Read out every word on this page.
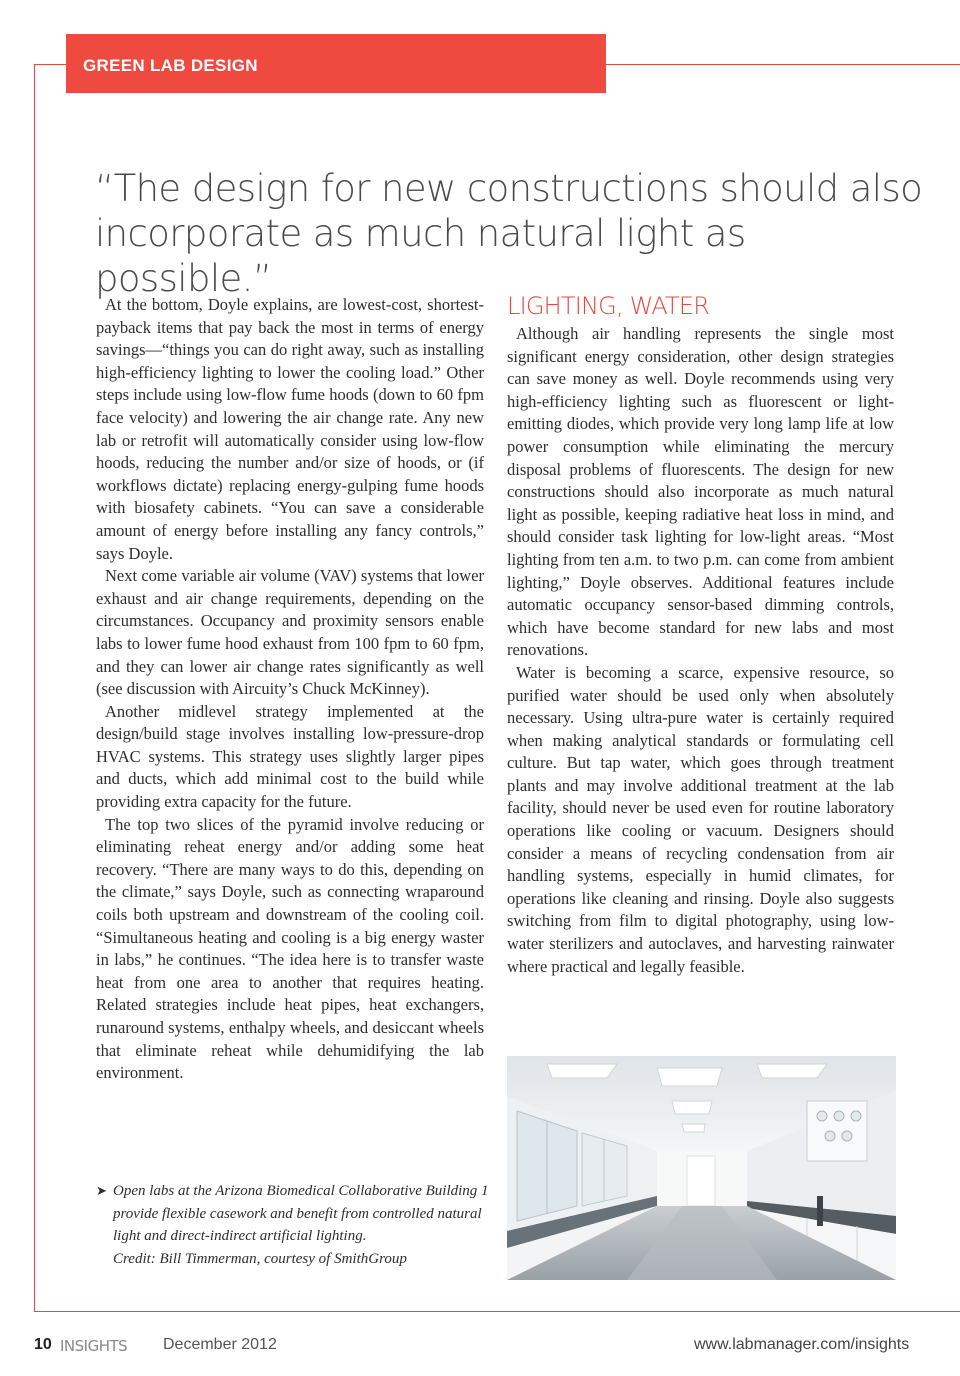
GREEN LAB DESIGN
“The design for new constructions should also incorporate as much natural light as possible.”

At the bottom, Doyle explains, are lowest-cost, shortest-payback items that pay back the most in terms of energy savings—“things you can do right away, such as installing high-efficiency lighting to lower the cooling load.” Other steps include using low-flow fume hoods (down to 60 fpm face velocity) and lowering the air change rate. Any new lab or retrofit will automatically consider using low-flow hoods, reducing the number and/or size of hoods, or (if workflows dictate) replacing energy-gulping fume hoods with biosafety cabinets. “You can save a considerable amount of energy before installing any fancy controls,” says Doyle.

Next come variable air volume (VAV) systems that lower exhaust and air change requirements, depending on the circumstances. Occupancy and proximity sensors enable labs to lower fume hood exhaust from 100 fpm to 60 fpm, and they can lower air change rates significantly as well (see discussion with Aircuity’s Chuck McKinney).

Another midlevel strategy implemented at the design/build stage involves installing low-pressure-drop HVAC systems. This strategy uses slightly larger pipes and ducts, which add minimal cost to the build while providing extra capacity for the future.

The top two slices of the pyramid involve reducing or eliminating reheat energy and/or adding some heat recovery. “There are many ways to do this, depending on the climate,” says Doyle, such as connecting wraparound coils both upstream and downstream of the cooling coil. “Simultaneous heating and cooling is a big energy waster in labs,” he continues. “The idea here is to transfer waste heat from one area to another that requires heating. Related strategies include heat pipes, heat exchangers, runaround systems, enthalpy wheels, and desiccant wheels that eliminate reheat while dehumidifying the lab environment.

LIGHTING, WATER

Although air handling represents the single most significant energy consideration, other design strategies can save money as well. Doyle recommends using very high-efficiency lighting such as fluorescent or light-emitting diodes, which provide very long lamp life at low power consumption while eliminating the mercury disposal problems of fluorescents. The design for new constructions should also incorporate as much natural light as possible, keeping radiative heat loss in mind, and should consider task lighting for low-light areas. “Most lighting from ten a.m. to two p.m. can come from ambient lighting,” Doyle observes. Additional features include automatic occupancy sensor-based dimming controls, which have become standard for new labs and most renovations.

Water is becoming a scarce, expensive resource, so purified water should be used only when absolutely necessary. Using ultra-pure water is certainly required when making analytical standards or formulating cell culture. But tap water, which goes through treatment plants and may involve additional treatment at the lab facility, should never be used even for routine laboratory operations like cooling or vacuum. Designers should consider a means of recycling condensation from air handling systems, especially in humid climates, for operations like cleaning and rinsing. Doyle also suggests switching from film to digital photography, using low-water sterilizers and autoclaves, and harvesting rainwater where practical and legally feasible.

➤ Open labs at the Arizona Biomedical Collaborative Building 1
provide flexible casework and benefit from controlled natural
light and direct-indirect artificial lighting.
Credit: Bill Timmerman, courtesy of SmithGroup
10 INSIGHTS December 2012	www.labmanager.com/insights
